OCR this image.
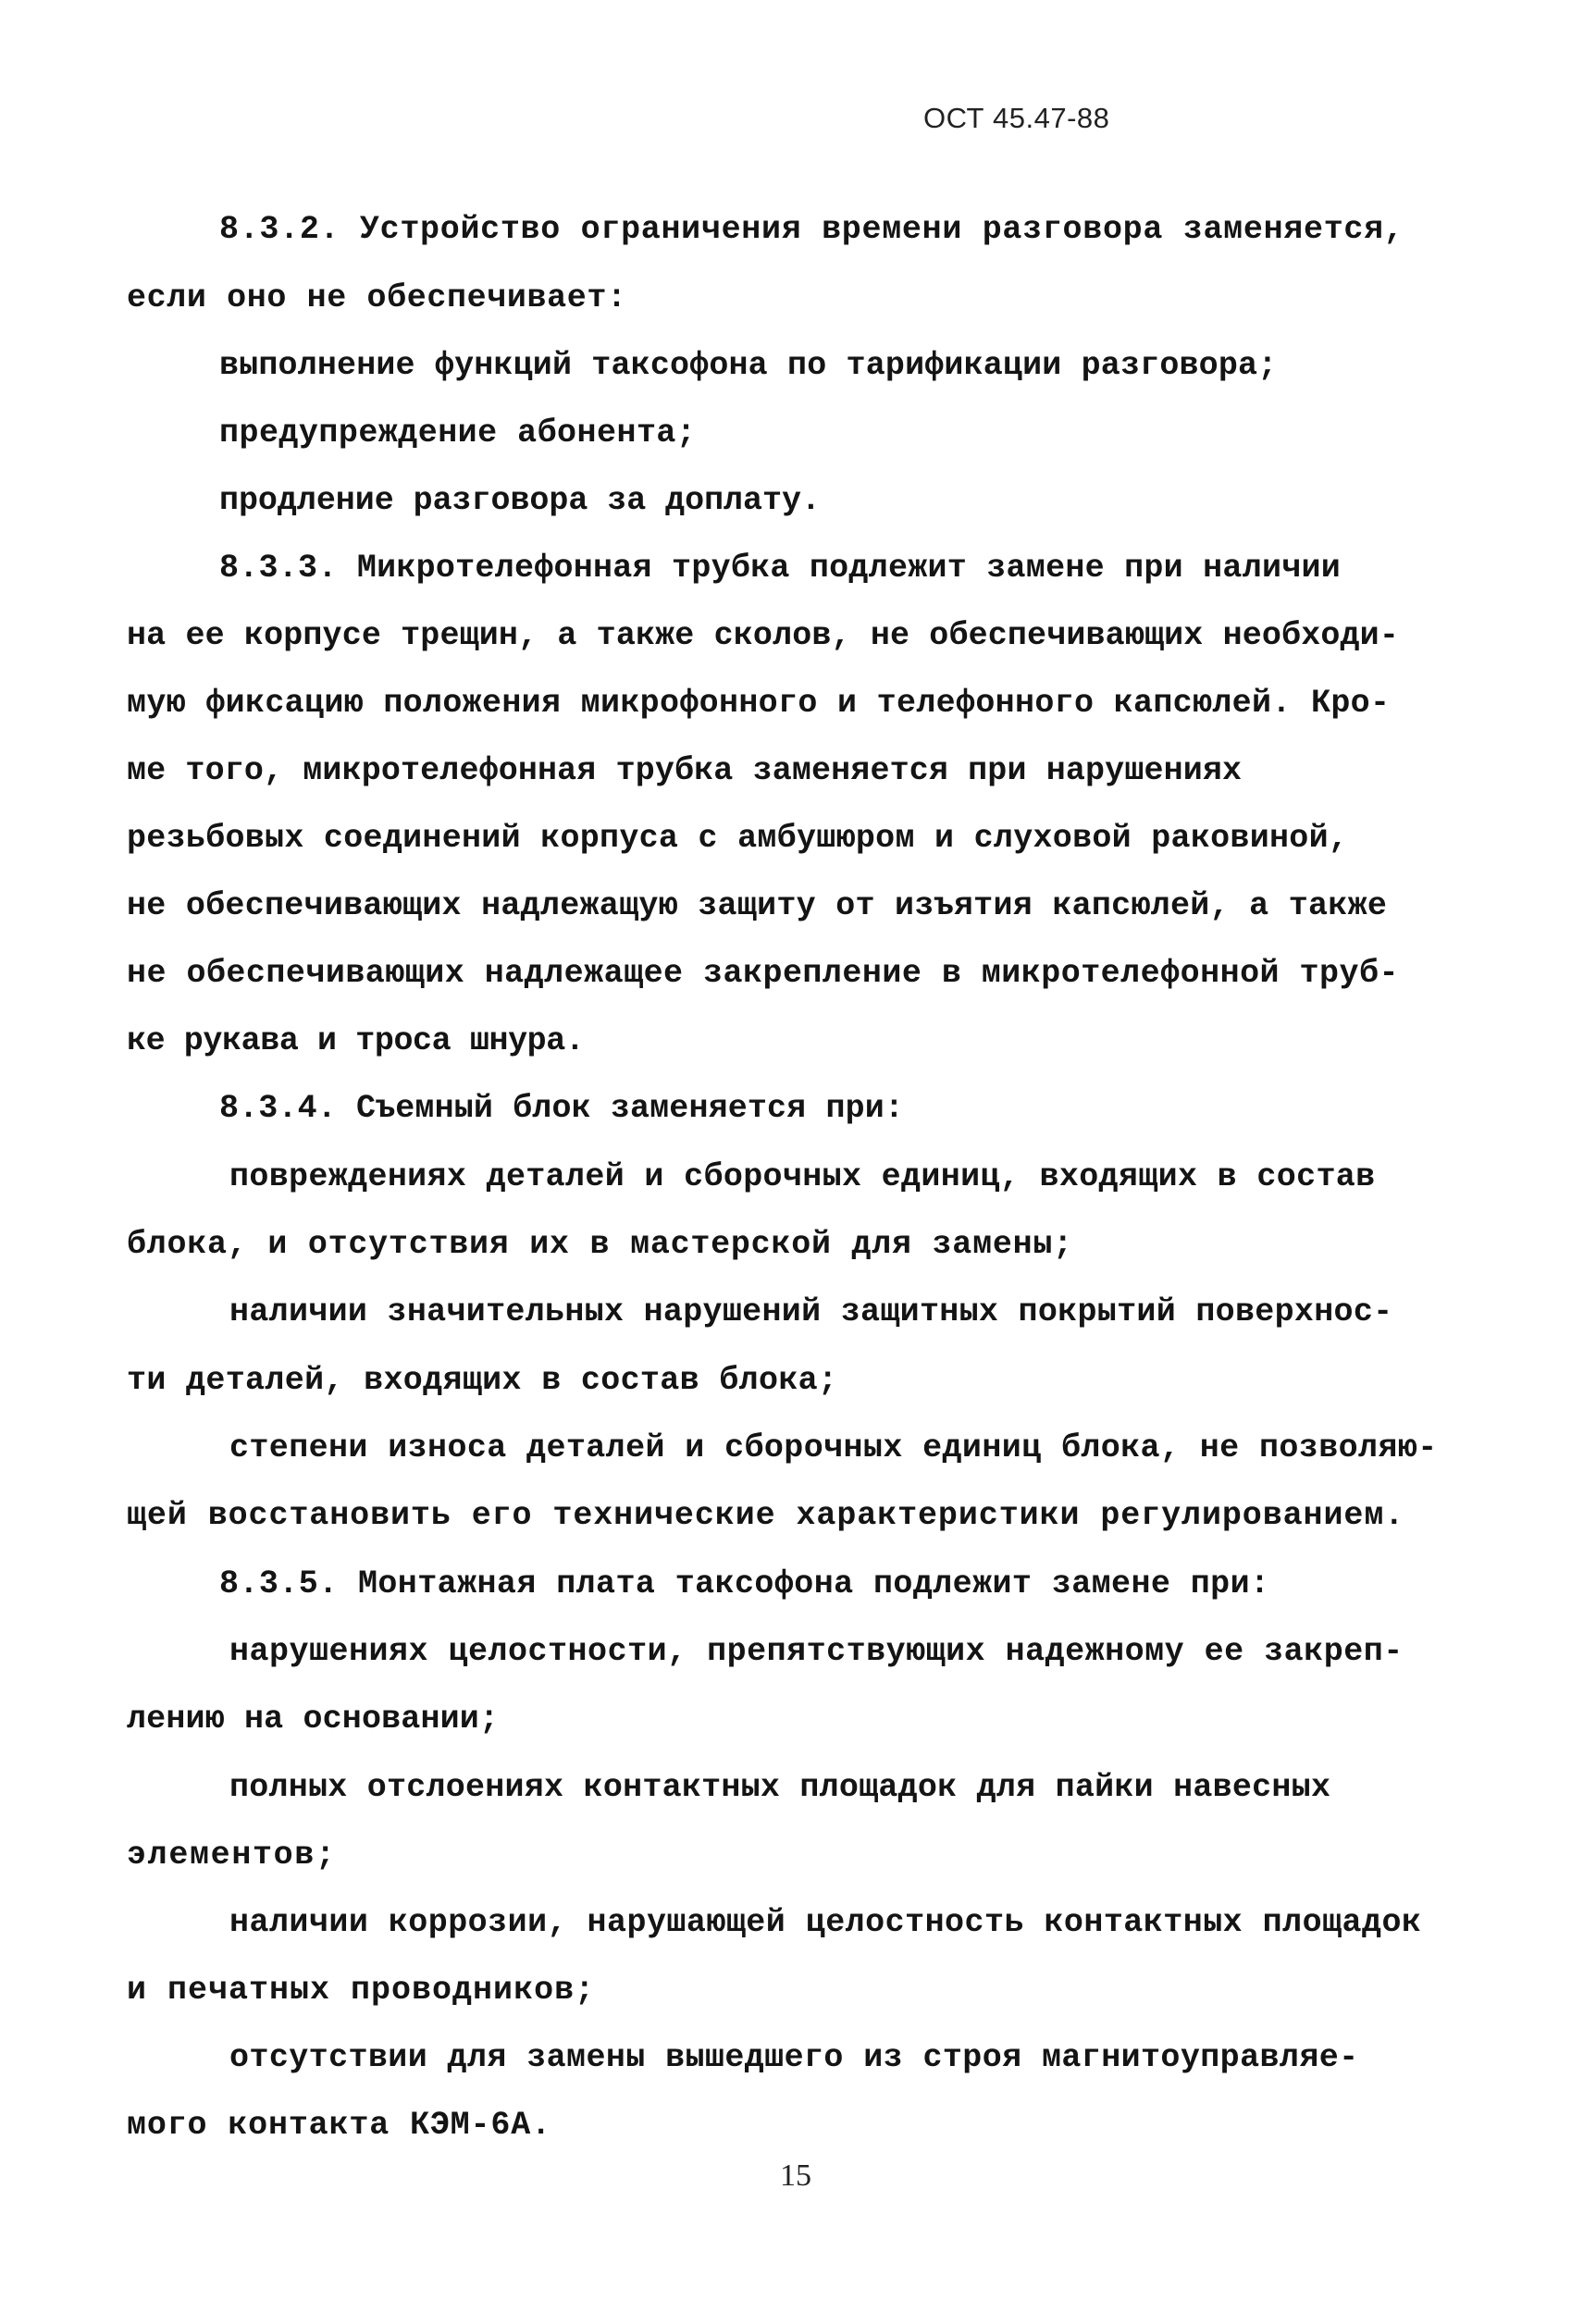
ОСТ 45.47-88
8.3.2. Устройство ограничения времени разговора заменяется,
если оно не обеспечивает:
выполнение функций таксофона по тарификации разговора;
предупреждение абонента;
продление разговора за доплату.
8.3.3. Микротелефонная трубка подлежит замене при наличии
на ее корпусе трещин, а также сколов, не обеспечивающих необходи-
мую фиксацию положения микрофонного и телефонного капсюлей. Кро-
ме того, микротелефонная трубка заменяется при нарушениях
резьбовых соединений корпуса с амбушюром и слуховой раковиной,
не обеспечивающих надлежащую защиту от изъятия капсюлей, а также
не обеспечивающих надлежащее закрепление в микротелефонной труб-
ке рукава и троса шнура.
8.3.4. Съемный блок заменяется при:
повреждениях деталей и сборочных единиц, входящих в состав
блока, и отсутствия их в мастерской для замены;
наличии значительных нарушений защитных покрытий поверхнос-
ти деталей, входящих в состав блока;
степени износа деталей и сборочных единиц блока, не позволяю-
щей восстановить его технические характеристики регулированием.
8.3.5. Монтажная плата таксофона подлежит замене при:
нарушениях целостности, препятствующих надежному ее закреп-
лению на основании;
полных отслоениях контактных площадок для пайки навесных
элементов;
наличии коррозии, нарушающей целостность контактных площадок
и печатных проводников;
отсутствии для замены вышедшего из строя магнитоуправляе-
мого контакта КЭМ-6А.
15
